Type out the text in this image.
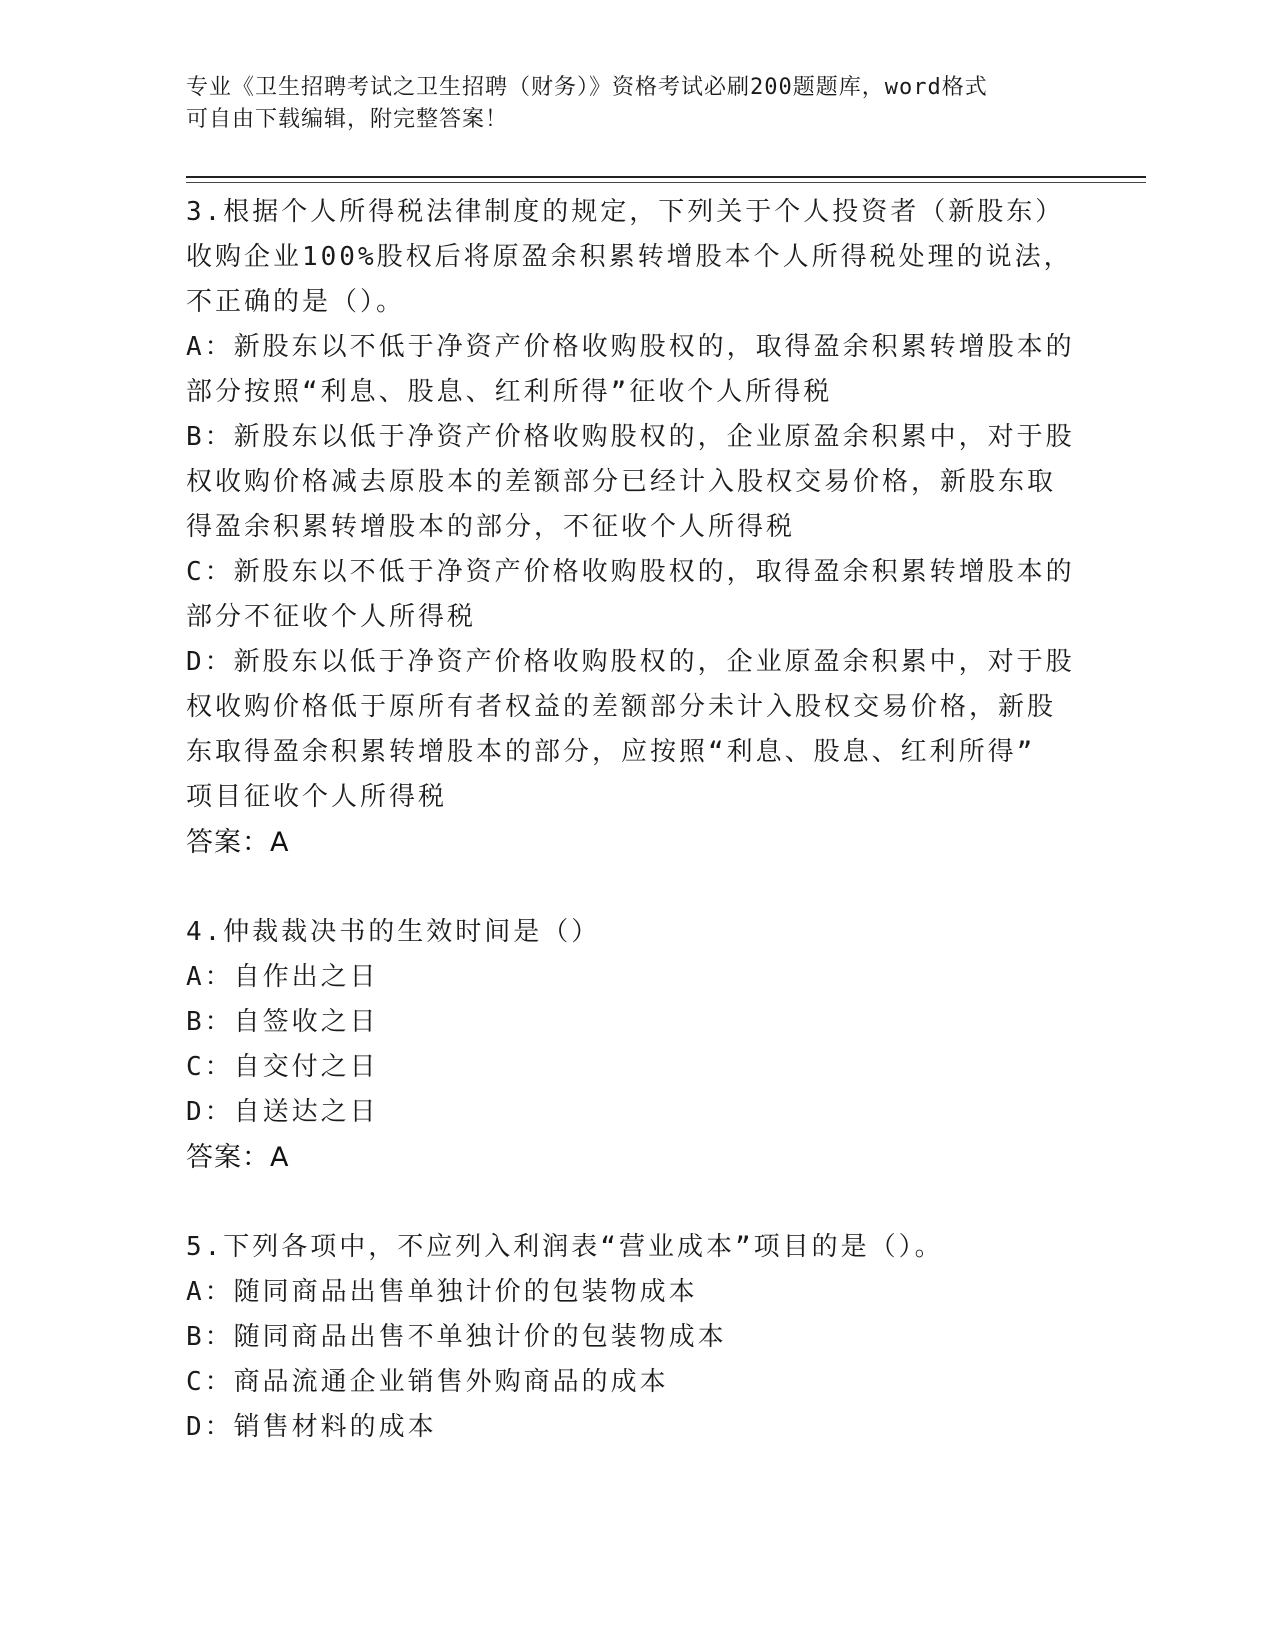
专业《卫生招聘考试之卫生招聘（财务）》资格考试必刷200题题库，word格式
可自由下载编辑，附完整答案！
3.根据个人所得税法律制度的规定，下列关于个人投资者（新股东）
收购企业100%股权后将原盈余积累转增股本个人所得税处理的说法，
不正确的是（）。
A：新股东以不低于净资产价格收购股权的，取得盈余积累转增股本的
部分按照“利息、股息、红利所得”征收个人所得税
B：新股东以低于净资产价格收购股权的，企业原盈余积累中，对于股
权收购价格减去原股本的差额部分已经计入股权交易价格，新股东取
得盈余积累转增股本的部分，不征收个人所得税
C：新股东以不低于净资产价格收购股权的，取得盈余积累转增股本的
部分不征收个人所得税
D：新股东以低于净资产价格收购股权的，企业原盈余积累中，对于股
权收购价格低于原所有者权益的差额部分未计入股权交易价格，新股
东取得盈余积累转增股本的部分，应按照“利息、股息、红利所得”
项目征收个人所得税
答案：A
4.仲裁裁决书的生效时间是（）
A：自作出之日
B：自签收之日
C：自交付之日
D：自送达之日
答案：A
5.下列各项中，不应列入利润表“营业成本”项目的是（）。
A：随同商品出售单独计价的包装物成本
B：随同商品出售不单独计价的包装物成本
C：商品流通企业销售外购商品的成本
D：销售材料的成本
